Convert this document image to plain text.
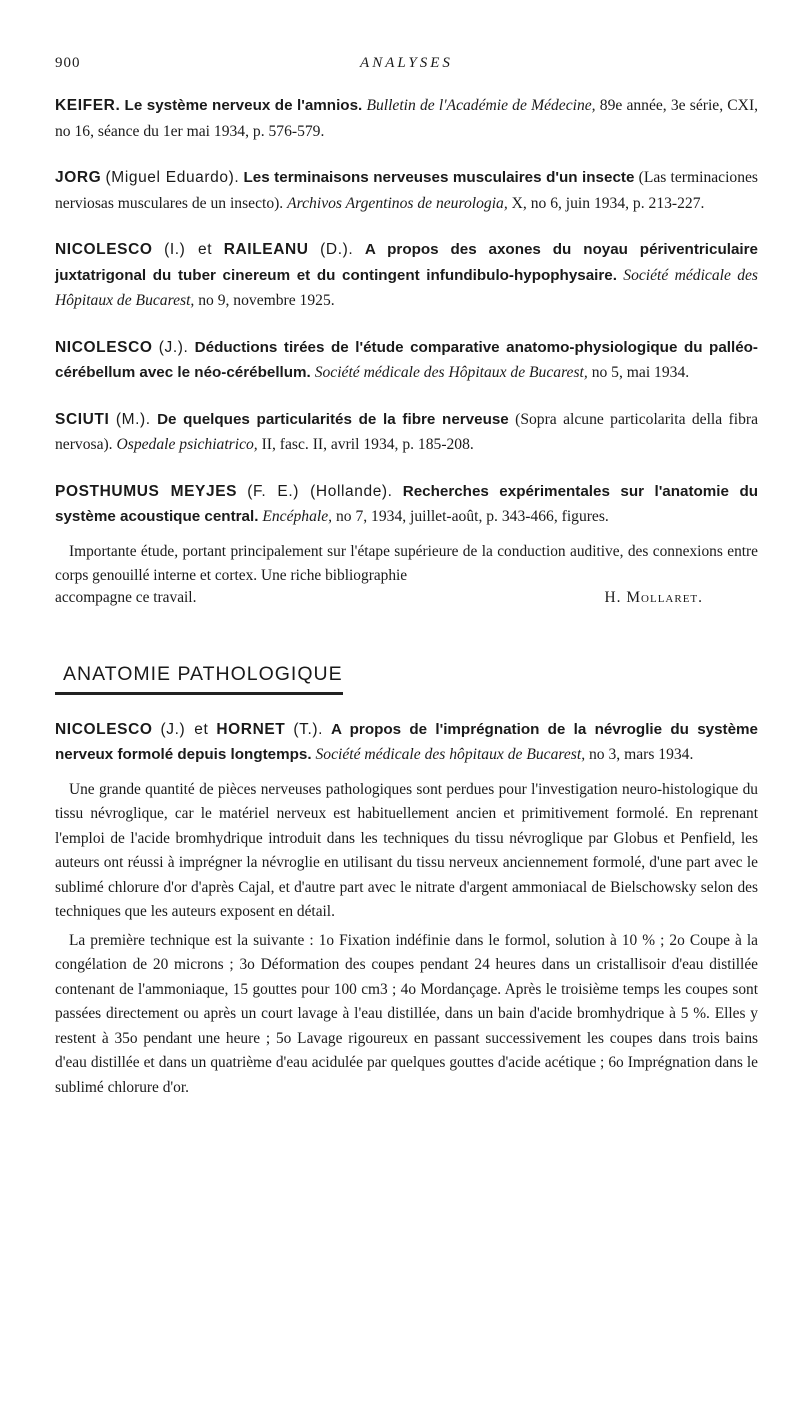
900	ANALYSES

KEIFER. Le système nerveux de l'amnios. Bulletin de l'Académie de Médecine, 89e année, 3e série, CXI, no 16, séance du 1er mai 1934, p. 576-579.

JORG (Miguel Eduardo). Les terminaisons nerveuses musculaires d'un insecte (Las terminaciones nerviosas musculares de un insecto). Archivos Argentinos de neurologia, X, no 6, juin 1934, p. 213-227.

NICOLESCO (I.) et RAILEANU (D.). A propos des axones du noyau périventriculaire juxtatrigonal du tuber cinereum et du contingent infundibulo-hypophysaire. Société médicale des Hôpitaux de Bucarest, no 9, novembre 1925.

NICOLESCO (J.). Déductions tirées de l'étude comparative anatomo-physiologique du palléo-cérébellum avec le néo-cérébellum. Société médicale des Hôpitaux de Bucarest, no 5, mai 1934.

SCIUTI (M.). De quelques particularités de la fibre nerveuse (Sopra alcune particolarita della fibra nervosa). Ospedale psichiatrico, II, fasc. II, avril 1934, p. 185-208.

POSTHUMUS MEYJES (F. E.) (Hollande). Recherches expérimentales sur l'anatomie du système acoustique central. Encéphale, no 7, 1934, juillet-août, p. 343-466, figures.

Importante étude, portant principalement sur l'étape supérieure de la conduction auditive, des connexions entre corps genouillé interne et cortex. Une riche bibliographie

accompagne ce travail.	H. Mollaret.
ANATOMIE PATHOLOGIQUE

NICOLESCO (J.) et HORNET (T.). A propos de l'imprégnation de la névroglie du système nerveux formolé depuis longtemps. Société médicale des hôpitaux de Bucarest, no 3, mars 1934.

Une grande quantité de pièces nerveuses pathologiques sont perdues pour l'investigation neuro-histologique du tissu névroglique, car le matériel nerveux est habituellement ancien et primitivement formolé. En reprenant l'emploi de l'acide bromhydrique introduit dans les techniques du tissu névroglique par Globus et Penfield, les auteurs ont réussi à imprégner la névroglie en utilisant du tissu nerveux anciennement formolé, d'une part avec le sublimé chlorure d'or d'après Cajal, et d'autre part avec le nitrate d'argent ammoniacal de Bielschowsky selon des techniques que les auteurs exposent en détail.

La première technique est la suivante : 1o Fixation indéfinie dans le formol, solution à 10 % ; 2o Coupe à la congélation de 20 microns ; 3o Déformation des coupes pendant 24 heures dans un cristallisoir d'eau distillée contenant de l'ammoniaque, 15 gouttes pour 100 cm3 ; 4o Mordançage. Après le troisième temps les coupes sont passées directement ou après un court lavage à l'eau distillée, dans un bain d'acide bromhydrique à 5 %. Elles y restent à 35o pendant une heure ; 5o Lavage rigoureux en passant successivement les coupes dans trois bains d'eau distillée et dans un quatrième d'eau acidulée par quelques gouttes d'acide acétique ; 6o Imprégnation dans le sublimé chlorure d'or.
